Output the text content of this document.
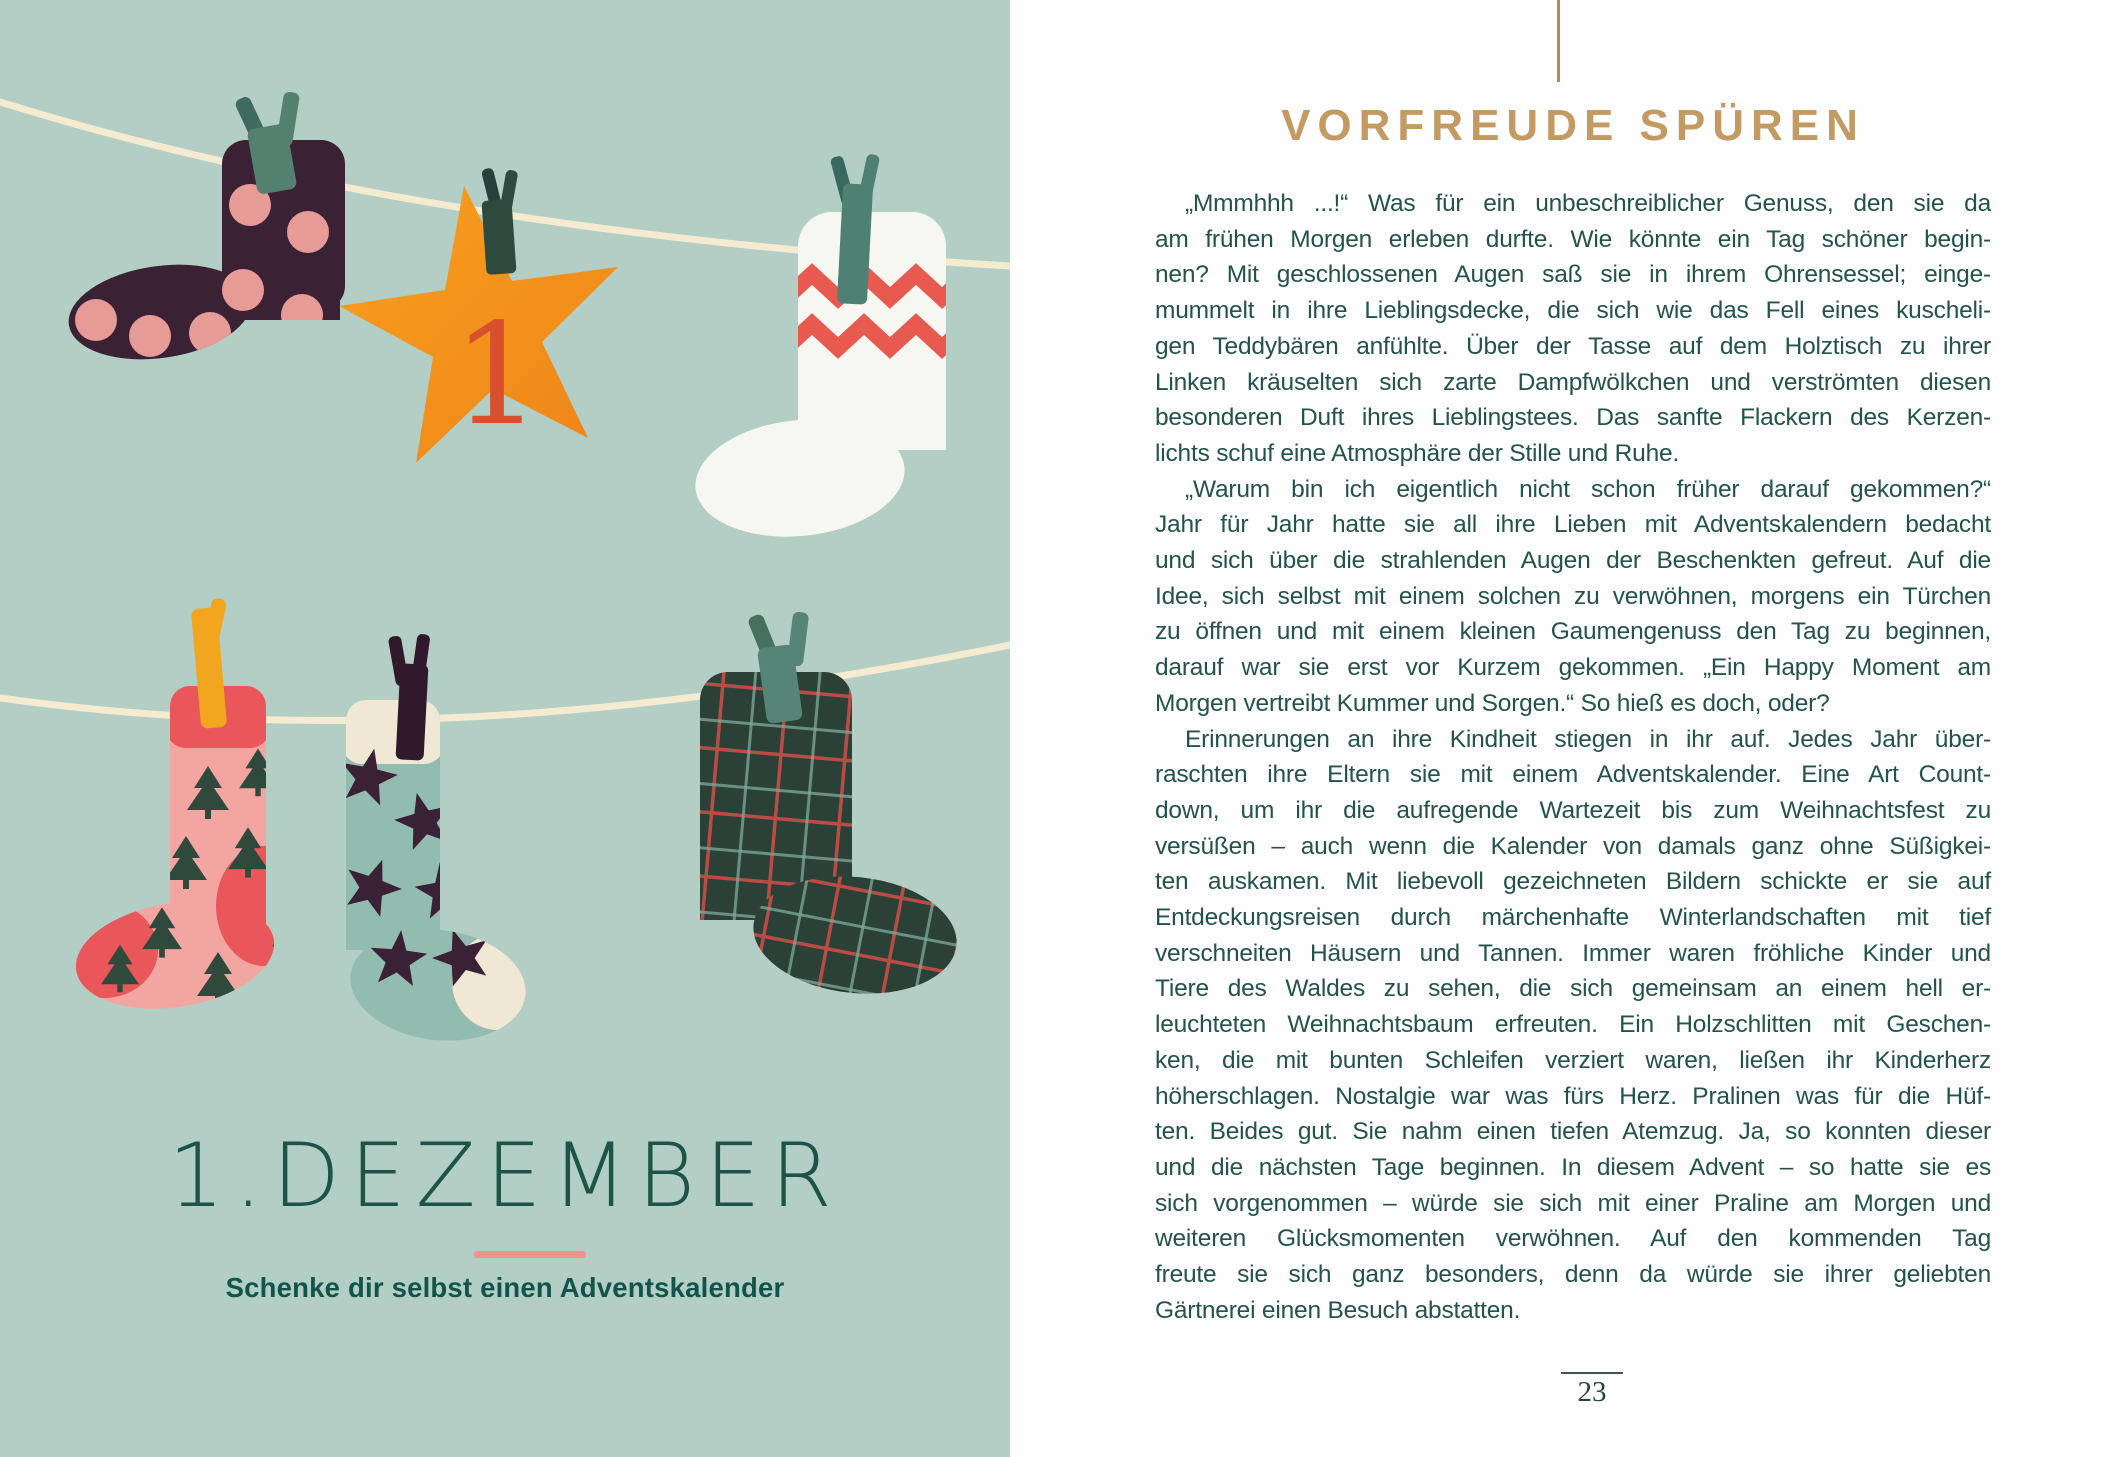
1
1.DEZEMBER
Schenke dir selbst einen Adventskalender
VORFREUDE SPÜREN
„Mmmhhh ...!“ Was für ein unbeschreiblicher Genuss, den sie da
am frühen Morgen erleben durfte. Wie könnte ein Tag schöner begin-
nen? Mit geschlossenen Augen saß sie in ihrem Ohrensessel; einge-
mummelt in ihre Lieblingsdecke, die sich wie das Fell eines kuscheli-
gen Teddybären anfühlte. Über der Tasse auf dem Holztisch zu ihrer
Linken kräuselten sich zarte Dampfwölkchen und verströmten diesen
besonderen Duft ihres Lieblingstees. Das sanfte Flackern des Kerzen-
lichts schuf eine Atmosphäre der Stille und Ruhe.
„Warum bin ich eigentlich nicht schon früher darauf gekommen?“
Jahr für Jahr hatte sie all ihre Lieben mit Adventskalendern bedacht
und sich über die strahlenden Augen der Beschenkten gefreut. Auf die
Idee, sich selbst mit einem solchen zu verwöhnen, morgens ein Türchen
zu öffnen und mit einem kleinen Gaumengenuss den Tag zu beginnen,
darauf war sie erst vor Kurzem gekommen. „Ein Happy Moment am
Morgen vertreibt Kummer und Sorgen.“ So hieß es doch, oder?
Erinnerungen an ihre Kindheit stiegen in ihr auf. Jedes Jahr über-
raschten ihre Eltern sie mit einem Adventskalender. Eine Art Count-
down, um ihr die aufregende Wartezeit bis zum Weihnachtsfest zu
versüßen – auch wenn die Kalender von damals ganz ohne Süßigkei-
ten auskamen. Mit liebevoll gezeichneten Bildern schickte er sie auf
Entdeckungsreisen durch märchenhafte Winterlandschaften mit tief
verschneiten Häusern und Tannen. Immer waren fröhliche Kinder und
Tiere des Waldes zu sehen, die sich gemeinsam an einem hell er-
leuchteten Weihnachtsbaum erfreuten. Ein Holzschlitten mit Geschen-
ken, die mit bunten Schleifen verziert waren, ließen ihr Kinderherz
höherschlagen. Nostalgie war was fürs Herz. Pralinen was für die Hüf-
ten. Beides gut. Sie nahm einen tiefen Atemzug. Ja, so konnten dieser
und die nächsten Tage beginnen. In diesem Advent – so hatte sie es
sich vorgenommen – würde sie sich mit einer Praline am Morgen und
weiteren Glücksmomenten verwöhnen. Auf den kommenden Tag
freute sie sich ganz besonders, denn da würde sie ihrer geliebten
Gärtnerei einen Besuch abstatten.
23
